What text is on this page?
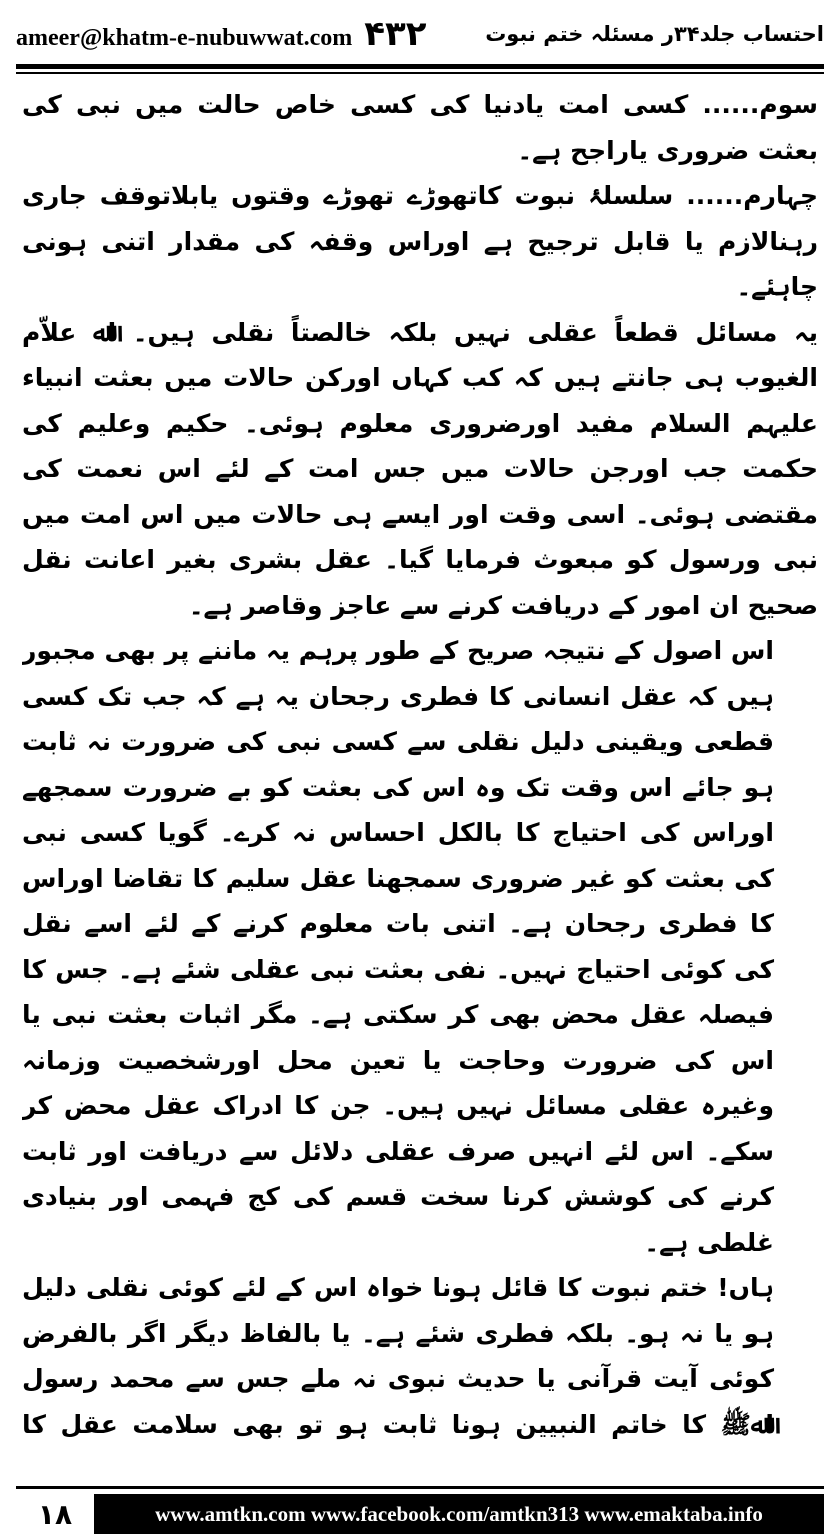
ameer@khatm-e-nubuwwat.com ۴۳۲	احتساب جلد۳۴ر مسئلہ ختم نبوت

سوم...... کسی امت یادنیا کی کسی خاص حالت میں نبی کی بعثت ضروری یاراجح ہے۔

چہارم...... سلسلۂ نبوت کاتھوڑے تھوڑے وقتوں یابلاتوقف جاری رہنالازم یا قابل ترجیح ہے اوراس وقفہ کی مقدار اتنی ہونی چاہئے۔

یہ مسائل قطعاً عقلی نہیں بلکہ خالصتاً نقلی ہیں۔ اﷲ علاّم الغیوب ہی جانتے ہیں کہ کب کہاں اورکن حالات میں بعثت انبیاء علیہم السلام مفید اورضروری معلوم ہوئی۔ حکیم وعلیم کی حکمت جب اورجن حالات میں جس امت کے لئے اس نعمت کی مقتضی ہوئی۔ اسی وقت اور ایسے ہی حالات میں اس امت میں نبی ورسول کو مبعوث فرمایا گیا۔ عقل بشری بغیر اعانت نقل صحیح ان امور کے دریافت کرنے سے عاجز وقاصر ہے۔

اس اصول کے نتیجہ صریح کے طور پرہم یہ ماننے پر بھی مجبور ہیں کہ عقل انسانی کا فطری رجحان یہ ہے کہ جب تک کسی قطعی ویقینی دلیل نقلی سے کسی نبی کی ضرورت نہ ثابت ہو جائے اس وقت تک وہ اس کی بعثت کو بے ضرورت سمجھے اوراس کی احتیاج کا بالکل احساس نہ کرے۔ گویا کسی نبی کی بعثت کو غیر ضروری سمجھنا عقل سلیم کا تقاضا اوراس کا فطری رجحان ہے۔ اتنی بات معلوم کرنے کے لئے اسے نقل کی کوئی احتیاج نہیں۔ نفی بعثت نبی عقلی شئے ہے۔ جس کا فیصلہ عقل محض بھی کر سکتی ہے۔ مگر اثبات بعثت نبی یا اس کی ضرورت وحاجت یا تعین محل اورشخصیت وزمانہ وغیرہ عقلی مسائل نہیں ہیں۔ جن کا ادراک عقل محض کر سکے۔ اس لئے انہیں صرف عقلی دلائل سے دریافت اور ثابت کرنے کی کوشش کرنا سخت قسم کی کج فہمی اور بنیادی غلطی ہے۔

ہاں! ختم نبوت کا قائل ہونا خواہ اس کے لئے کوئی نقلی دلیل ہو یا نہ ہو۔ بلکہ فطری شئے ہے۔ یا بالفاظ دیگر اگر بالفرض کوئی آیت قرآنی یا حدیث نبوی نہ ملے جس سے محمد رسول اﷲﷺ کا خاتم النبیین ہونا ثابت ہو تو بھی سلامت عقل کا

۱۸	www.amtkn.com www.facebook.com/amtkn313 www.emaktaba.info
